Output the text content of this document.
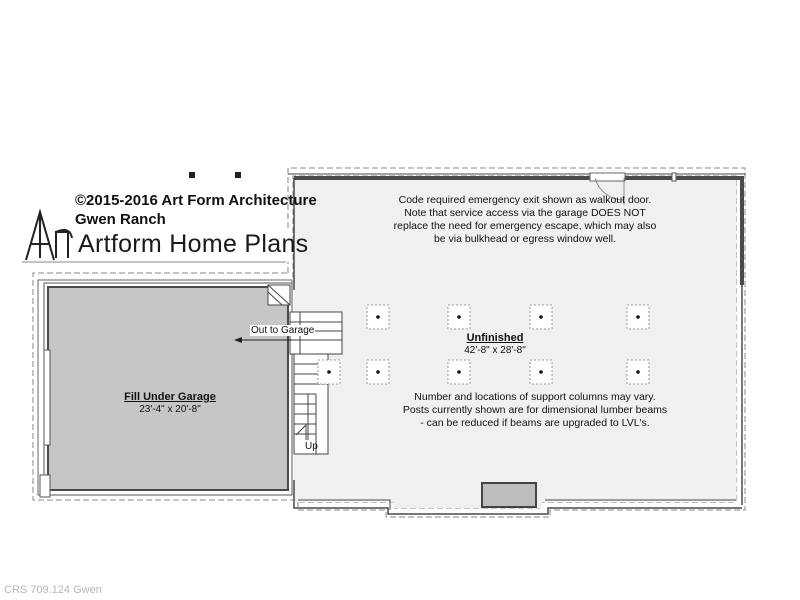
©2015-2016 Art Form Architecture
Gwen Ranch
Artform Home Plans
Code required emergency exit shown as walkout door.
Note that service access via the garage DOES NOT
replace the need for emergency escape, which may also
be via bulkhead or egress window well.
Unfinished
42'-8" x 28'-8"
Number and locations of support columns may vary.
Posts currently shown are for dimensional lumber beams
- can be reduced if beams are upgraded to LVL's.
Fill Under Garage
23'-4" x 20'-8"
Out to Garage
Up
CRS 709.124 Gwen
